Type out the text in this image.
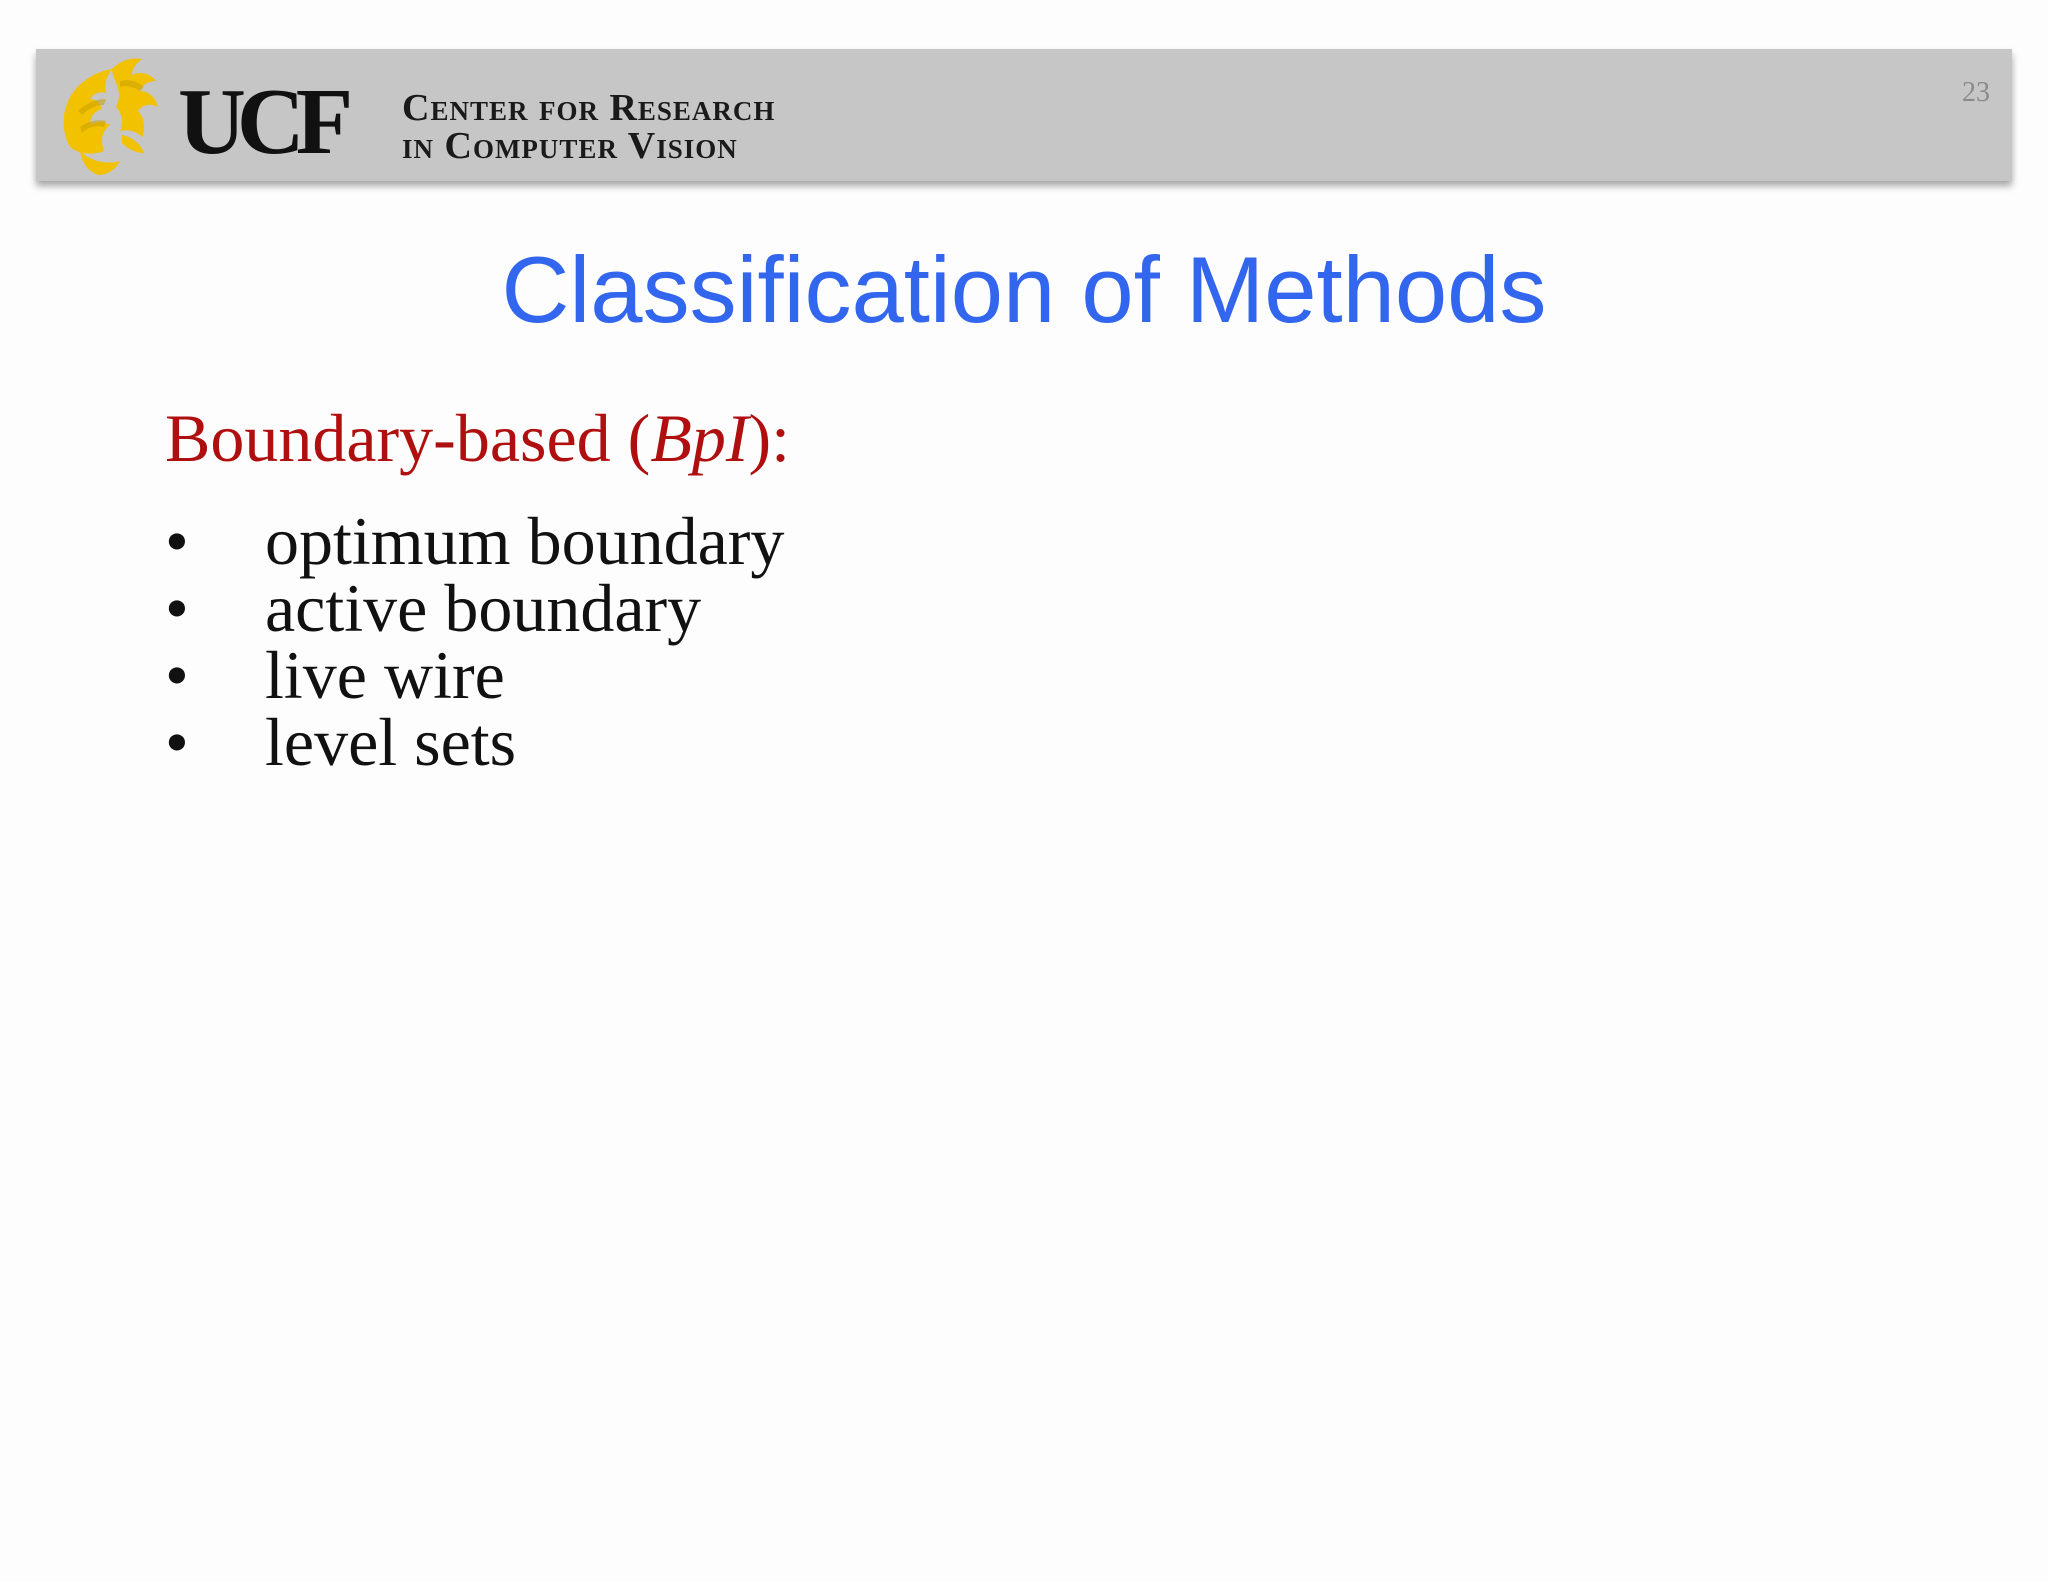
UCF Center for Research
in Computer Vision
23
Classification of Methods
Boundary-based (BpI):
•	optimum boundary
•	active boundary
•	live wire
•	level sets
